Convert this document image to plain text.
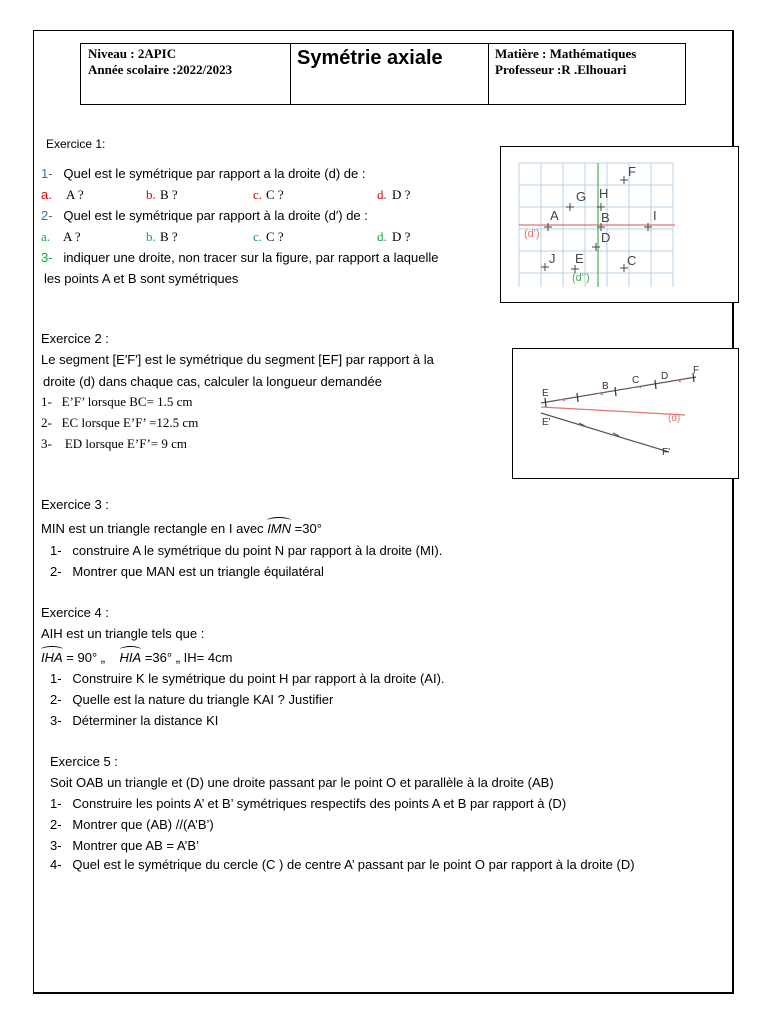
Niveau : 2APIC
Année scolaire :2022/2023
Symétrie axiale	Matière : Mathématiques
Professeur :R .Elhouari
Exercice 1:
1- Quel est le symétrique par rapport a la droite (d) de :
a. A ?	b. B ?	c. C ?	d. D ?
2- Quel est le symétrique par rapport à la droite (d′) de :
a. A ?	b. B ?	c. C ?	d. D ?
3- indiquer une droite, non tracer sur la figure, par rapport a laquelle
les points A et B sont symétriques
F
G H
A	B	I
D
J E	C
(d')
(d'')
Exercice 2 :
Le segment [E′F′] est le symétrique du segment [EF] par rapport à la
droite (d) dans chaque cas, calculer la longueur demandée
1- E’F’ lorsque BC= 1.5 cm
2- EC lorsque E’F’ =12.5 cm
3- ED lorsque E’F’= 9 cm
E
B
C D
F
E'
F'
(d)
Exercice 3 :
MIN est un triangle rectangle en I avec IMN =30°
1- construire A le symétrique du point N par rapport à la droite (MI).
2- Montrer que MAN est un triangle équilatéral
Exercice 4 :
AIH est un triangle tels que :
IHA = 90° „ HIA =36° „ IH= 4cm
1- Construire K le symétrique du point H par rapport à la droite (AI).
2- Quelle est la nature du triangle KAI ? Justifier
3- Déterminer la distance KI
Exercice 5 :
Soit OAB un triangle et (D) une droite passant par le point O et parallèle à la droite (AB)
1- Construire les points A’ et B’ symétriques respectifs des points A et B par rapport à (D)
2- Montrer que (AB) //(A’B’)
3- Montrer que AB = A’B’
4- Quel est le symétrique du cercle (C ) de centre A’ passant par le point O par rapport à la droite (D)
